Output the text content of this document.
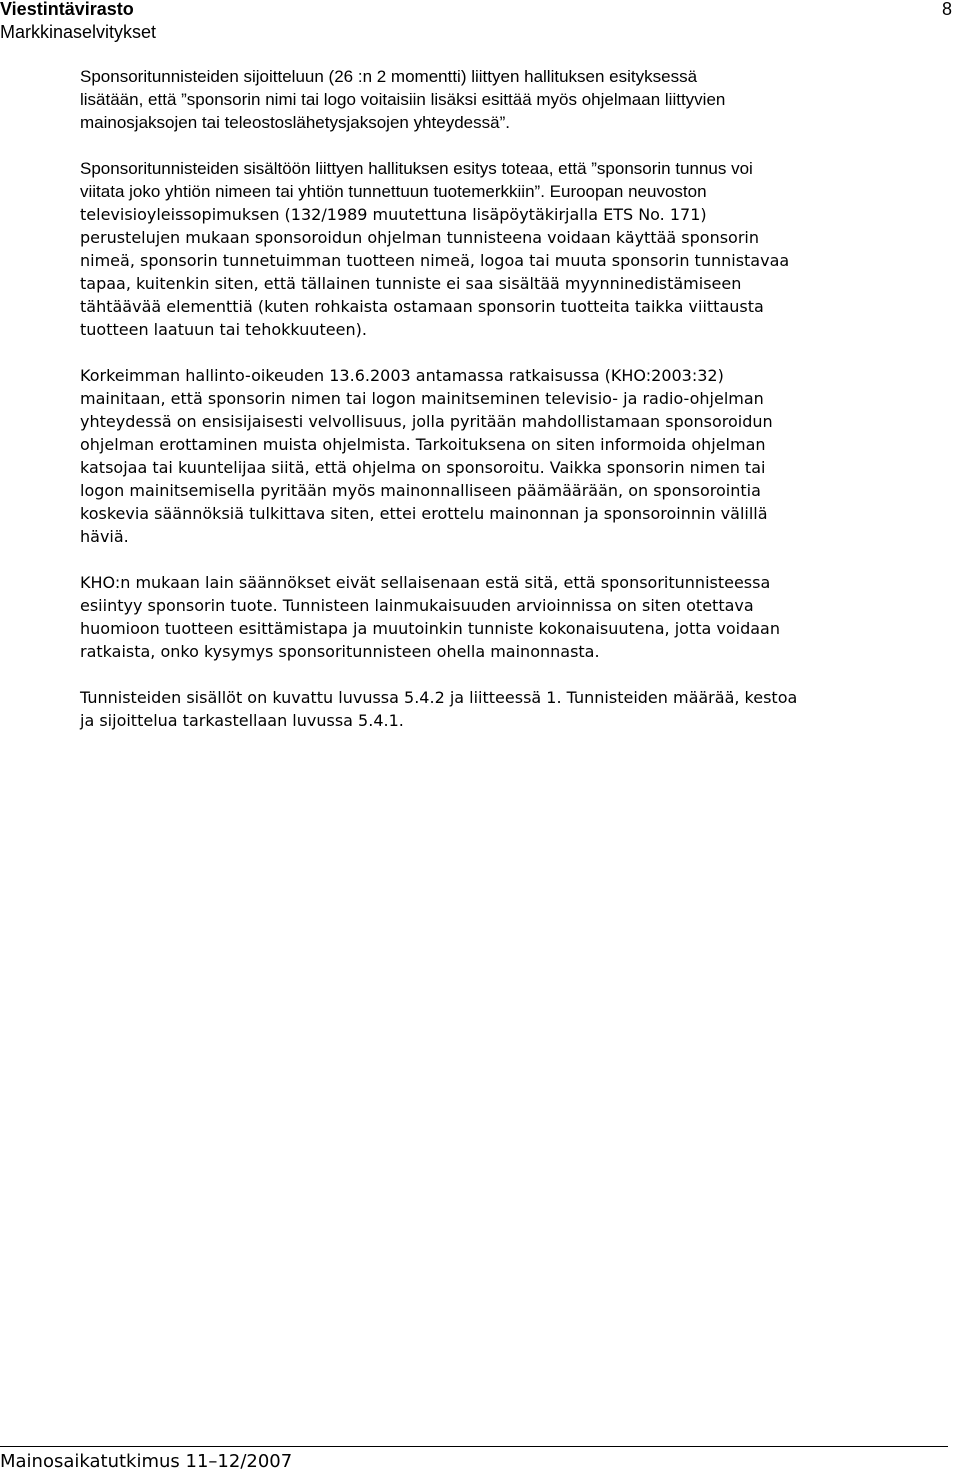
Viestintävirasto
Markkinaselvitykset
8

Sponsoritunnisteiden sijoitteluun (26 :n 2 momentti) liittyen hallituksen esityksessä
lisätään, että ”sponsorin nimi tai logo voitaisiin lisäksi esittää myös ohjelmaan liittyvien
mainosjaksojen tai teleostoslähetysjaksojen yhteydessä”.

Sponsoritunnisteiden sisältöön liittyen hallituksen esitys toteaa, että ”sponsorin tunnus voi
viitata joko yhtiön nimeen tai yhtiön tunnettuun tuotemerkkiin”. Euroopan neuvoston
televisioyleissopimuksen (132/1989 muutettuna lisäpöytäkirjalla ETS No. 171)
perustelujen mukaan sponsoroidun ohjelman tunnisteena voidaan käyttää sponsorin
nimeä, sponsorin tunnetuimman tuotteen nimeä, logoa tai muuta sponsorin tunnistavaa
tapaa, kuitenkin siten, että tällainen tunniste ei saa sisältää myynninedistämiseen
tähtäävää elementtiä (kuten rohkaista ostamaan sponsorin tuotteita taikka viittausta
tuotteen laatuun tai tehokkuuteen).

Korkeimman hallinto-oikeuden 13.6.2003 antamassa ratkaisussa (KHO:2003:32)
mainitaan, että sponsorin nimen tai logon mainitseminen televisio- ja radio-ohjelman
yhteydessä on ensisijaisesti velvollisuus, jolla pyritään mahdollistamaan sponsoroidun
ohjelman erottaminen muista ohjelmista. Tarkoituksena on siten informoida ohjelman
katsojaa tai kuuntelijaa siitä, että ohjelma on sponsoroitu. Vaikka sponsorin nimen tai
logon mainitsemisella pyritään myös mainonnalliseen päämäärään, on sponsorointia
koskevia säännöksiä tulkittava siten, ettei erottelu mainonnan ja sponsoroinnin välillä
häviä.

KHO:n mukaan lain säännökset eivät sellaisenaan estä sitä, että sponsoritunnisteessa
esiintyy sponsorin tuote. Tunnisteen lainmukaisuuden arvioinnissa on siten otettava
huomioon tuotteen esittämistapa ja muutoinkin tunniste kokonaisuutena, jotta voidaan
ratkaista, onko kysymys sponsoritunnisteen ohella mainonnasta.

Tunnisteiden sisällöt on kuvattu luvussa 5.4.2 ja liitteessä 1. Tunnisteiden määrää, kestoa
ja sijoittelua tarkastellaan luvussa 5.4.1.

Mainosaikatutkimus 11–12/2007
